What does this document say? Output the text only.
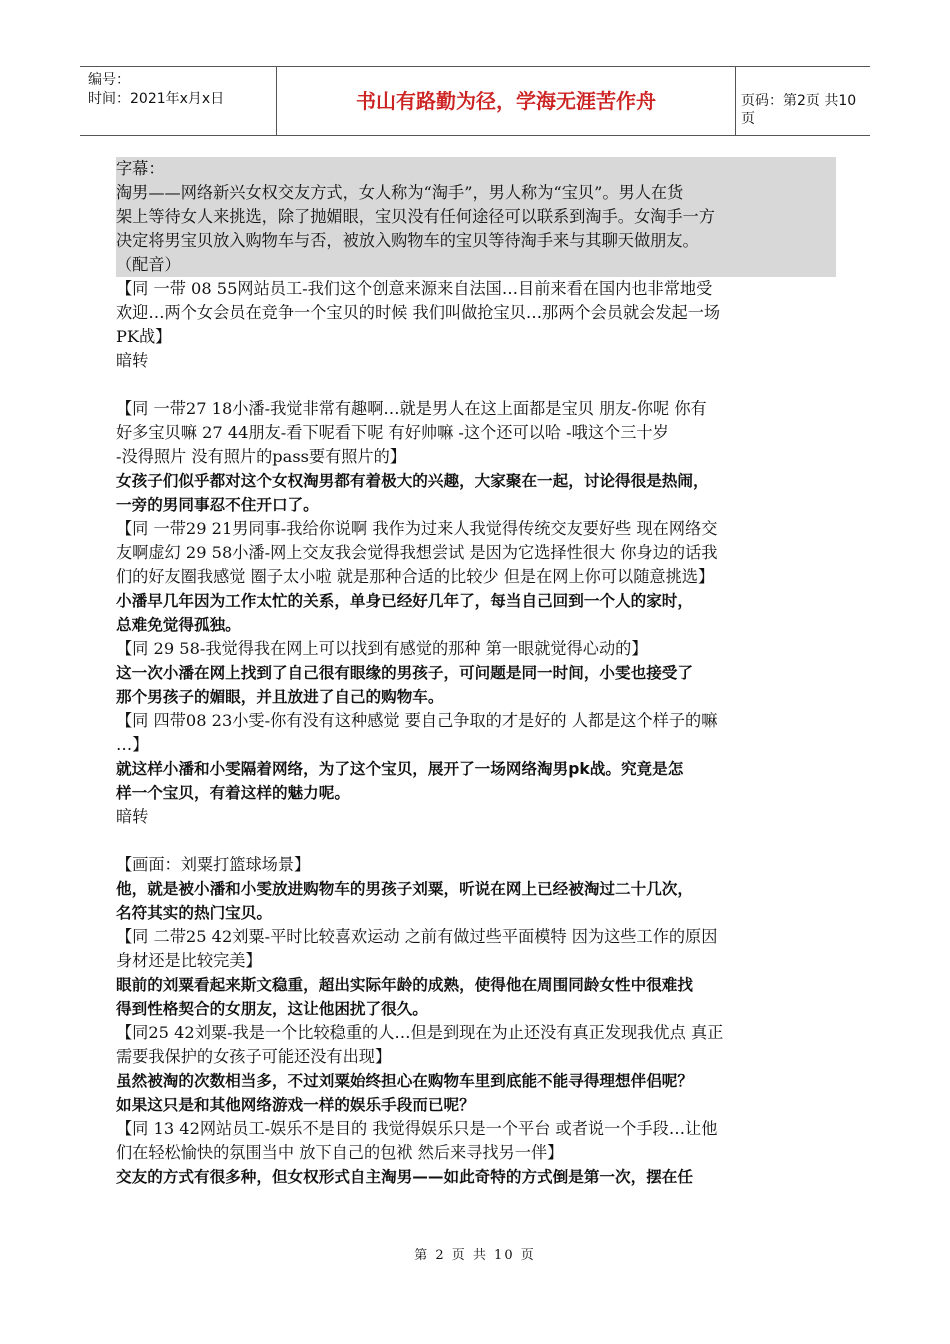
编号：
时间：2021年x月x日	书山有路勤为径，学海无涯苦作舟	页码：第2页 共10页
字幕：
淘男——网络新兴女权交友方式，女人称为“淘手”，男人称为“宝贝”。男人在货
架上等待女人来挑选，除了抛媚眼，宝贝没有任何途径可以联系到淘手。女淘手一方
决定将男宝贝放入购物车与否，被放入购物车的宝贝等待淘手来与其聊天做朋友。
（配音）
【同 一带 08 55网站员工-我们这个创意来源来自法国…目前来看在国内也非常地受
欢迎…两个女会员在竞争一个宝贝的时候 我们叫做抢宝贝…那两个会员就会发起一场
PK战】
暗转
【同 一带27 18小潘-我觉非常有趣啊…就是男人在这上面都是宝贝 朋友-你呢 你有
好多宝贝嘛 27 44朋友-看下呢看下呢 有好帅嘛 -这个还可以哈 -哦这个三十岁
-没得照片 没有照片的pass要有照片的】
女孩子们似乎都对这个女权淘男都有着极大的兴趣，大家聚在一起，讨论得很是热闹，
一旁的男同事忍不住开口了。
【同 一带29 21男同事-我给你说啊 我作为过来人我觉得传统交友要好些 现在网络交
友啊虚幻 29 58小潘-网上交友我会觉得我想尝试 是因为它选择性很大 你身边的话我
们的好友圈我感觉 圈子太小啦 就是那种合适的比较少 但是在网上你可以随意挑选】
小潘早几年因为工作太忙的关系，单身已经好几年了，每当自己回到一个人的家时，
总难免觉得孤独。
【同 29 58-我觉得我在网上可以找到有感觉的那种 第一眼就觉得心动的】
这一次小潘在网上找到了自己很有眼缘的男孩子，可问题是同一时间，小雯也接受了
那个男孩子的媚眼，并且放进了自己的购物车。
【同 四带08 23小雯-你有没有这种感觉 要自己争取的才是好的 人都是这个样子的嘛
…】
就这样小潘和小雯隔着网络，为了这个宝贝，展开了一场网络淘男pk战。究竟是怎
样一个宝贝，有着这样的魅力呢。
暗转
【画面：刘粟打篮球场景】
他，就是被小潘和小雯放进购物车的男孩子刘粟，听说在网上已经被淘过二十几次，
名符其实的热门宝贝。
【同 二带25 42刘粟-平时比较喜欢运动 之前有做过些平面模特 因为这些工作的原因
身材还是比较完美】
眼前的刘粟看起来斯文稳重，超出实际年龄的成熟，使得他在周围同龄女性中很难找
得到性格契合的女朋友，这让他困扰了很久。
【同25 42刘粟-我是一个比较稳重的人…但是到现在为止还没有真正发现我优点 真正
需要我保护的女孩子可能还没有出现】
虽然被淘的次数相当多，不过刘粟始终担心在购物车里到底能不能寻得理想伴侣呢？
如果这只是和其他网络游戏一样的娱乐手段而已呢？
【同 13 42网站员工-娱乐不是目的 我觉得娱乐只是一个平台 或者说一个手段…让他
们在轻松愉快的氛围当中 放下自己的包袱 然后来寻找另一伴】
交友的方式有很多种，但女权形式自主淘男——如此奇特的方式倒是第一次，摆在任
第 2 页 共 10 页
